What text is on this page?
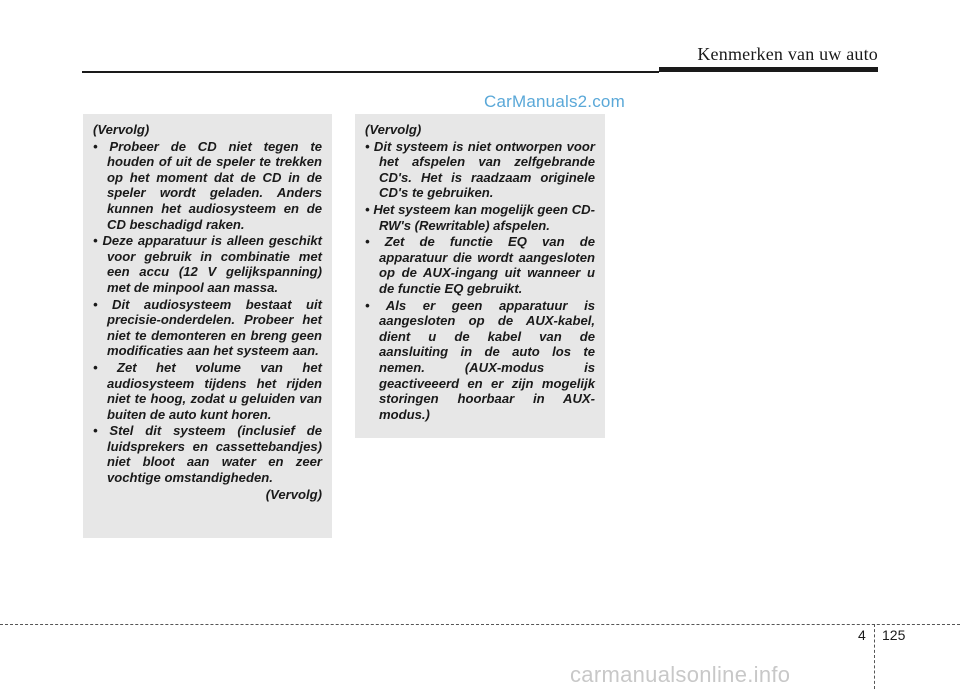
Kenmerken van uw auto
CarManuals2.com
(Vervolg)
• Probeer de CD niet tegen te houden of uit de speler te trekken op het moment dat de CD in de speler wordt geladen. Anders kunnen het audiosysteem en de CD beschadigd raken.
• Deze apparatuur is alleen geschikt voor gebruik in combinatie met een accu (12 V gelijkspanning) met de minpool aan massa.
• Dit audiosysteem bestaat uit precisie-onderdelen. Probeer het niet te demonteren en breng geen modificaties aan het systeem aan.
• Zet het volume van het audiosysteem tijdens het rijden niet te hoog, zodat u geluiden van buiten de auto kunt horen.
• Stel dit systeem (inclusief de luidsprekers en cassettebandjes) niet bloot aan water en zeer vochtige omstandigheden.
(Vervolg)
(Vervolg)
• Dit systeem is niet ontworpen voor het afspelen van zelfgebrande CD's. Het is raadzaam originele CD's te gebruiken.
• Het systeem kan mogelijk geen CD-RW's (Rewritable) afspelen.
• Zet de functie EQ van de apparatuur die wordt aangesloten op de AUX-ingang uit wanneer u de functie EQ gebruikt.
• Als er geen apparatuur is aangesloten op de AUX-kabel, dient u de kabel van de aansluiting in de auto los te nemen. (AUX-modus is geactiveeerd en er zijn mogelijk storingen hoorbaar in AUX-modus.)
4 125
carmanualsonline.info
